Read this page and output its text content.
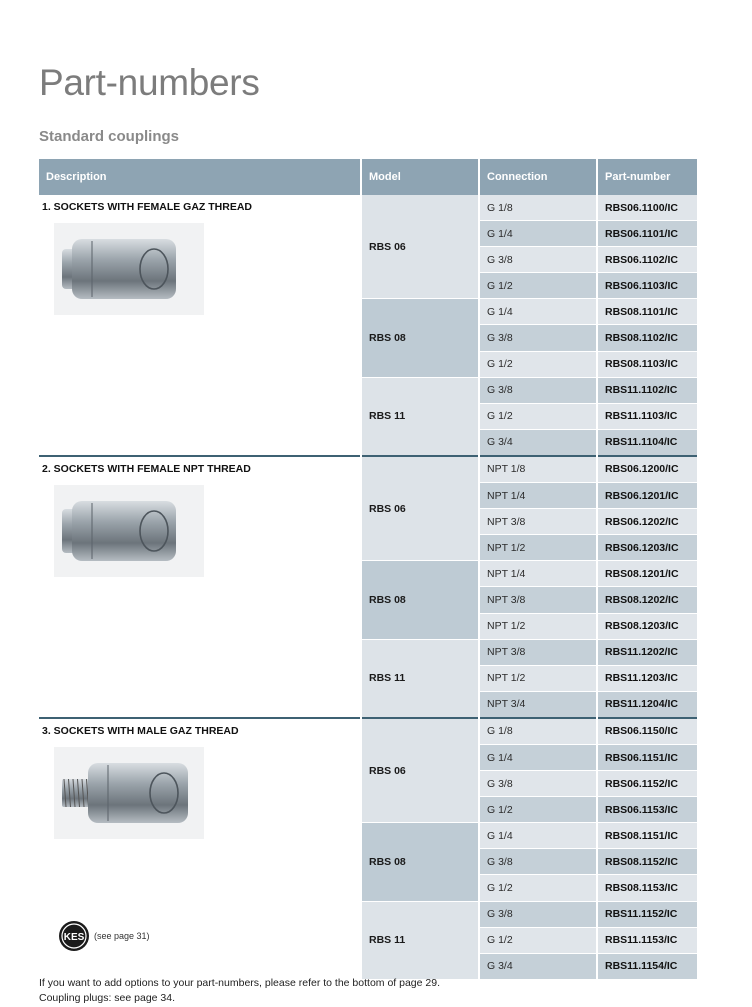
Part-numbers
Standard couplings
Description	Model	Connection	Part-number

1. SOCKETS WITH FEMALE GAZ THREAD	RBS 06	G 1/8	RBS06.1100/IC
		G 1/4	RBS06.1101/IC
		G 3/8	RBS06.1102/IC
		G 1/2	RBS06.1103/IC
	RBS 08	G 1/4	RBS08.1101/IC
		G 3/8	RBS08.1102/IC
		G 1/2	RBS08.1103/IC
	RBS 11	G 3/8	RBS11.1102/IC
		G 1/2	RBS11.1103/IC
		G 3/4	RBS11.1104/IC

2. SOCKETS WITH FEMALE NPT THREAD	RBS 06	NPT 1/8	RBS06.1200/IC
		NPT 1/4	RBS06.1201/IC
		NPT 3/8	RBS06.1202/IC
		NPT 1/2	RBS06.1203/IC
	RBS 08	NPT 1/4	RBS08.1201/IC
		NPT 3/8	RBS08.1202/IC
		NPT 1/2	RBS08.1203/IC
	RBS 11	NPT 3/8	RBS11.1202/IC
		NPT 1/2	RBS11.1203/IC
		NPT 3/4	RBS11.1204/IC

3. SOCKETS WITH MALE GAZ THREAD	RBS 06	G 1/8	RBS06.1150/IC
		G 1/4	RBS06.1151/IC
		G 3/8	RBS06.1152/IC
		G 1/2	RBS06.1153/IC
	RBS 08	G 1/4	RBS08.1151/IC
		G 3/8	RBS08.1152/IC
		G 1/2	RBS08.1153/IC
	RBS 11	G 3/8	RBS11.1152/IC
		G 1/2	RBS11.1153/IC
		G 3/4	RBS11.1154/IC
KES (see page 31)
If you want to add options to your part-numbers, please refer to the bottom of page 29.
Coupling plugs: see page 34.
